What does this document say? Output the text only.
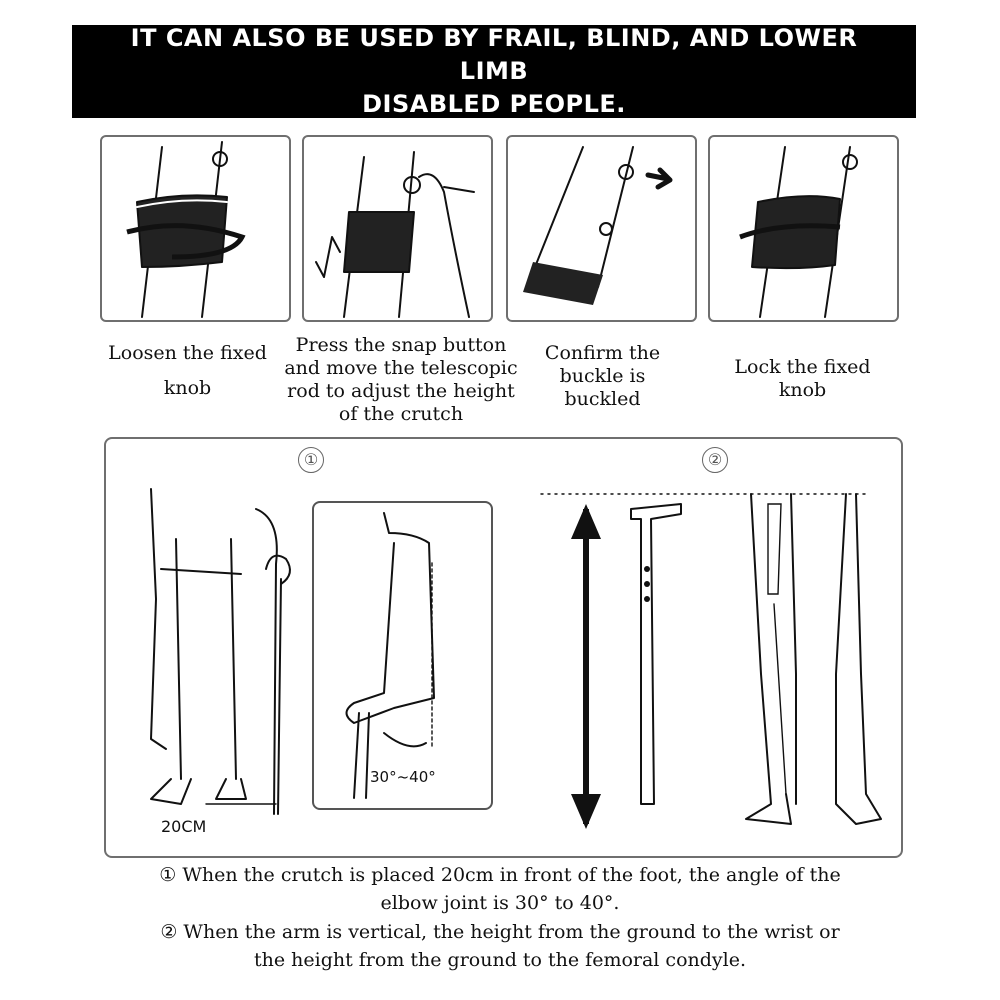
IT CAN ALSO BE USED BY FRAIL, BLIND, AND LOWER LIMB
DISABLED PEOPLE.
Loosen the fixed
knob
Press the snap button
and move the telescopic
rod to adjust the height
of the crutch
Confirm the
buckle is
buckled
Lock the fixed
knob
①	②
20CM
30°~40°
① When the crutch is placed 20cm in front of the foot, the angle of the
elbow joint is 30° to 40°.
② When the arm is vertical, the height from the ground to the wrist or
the height from the ground to the femoral condyle.
